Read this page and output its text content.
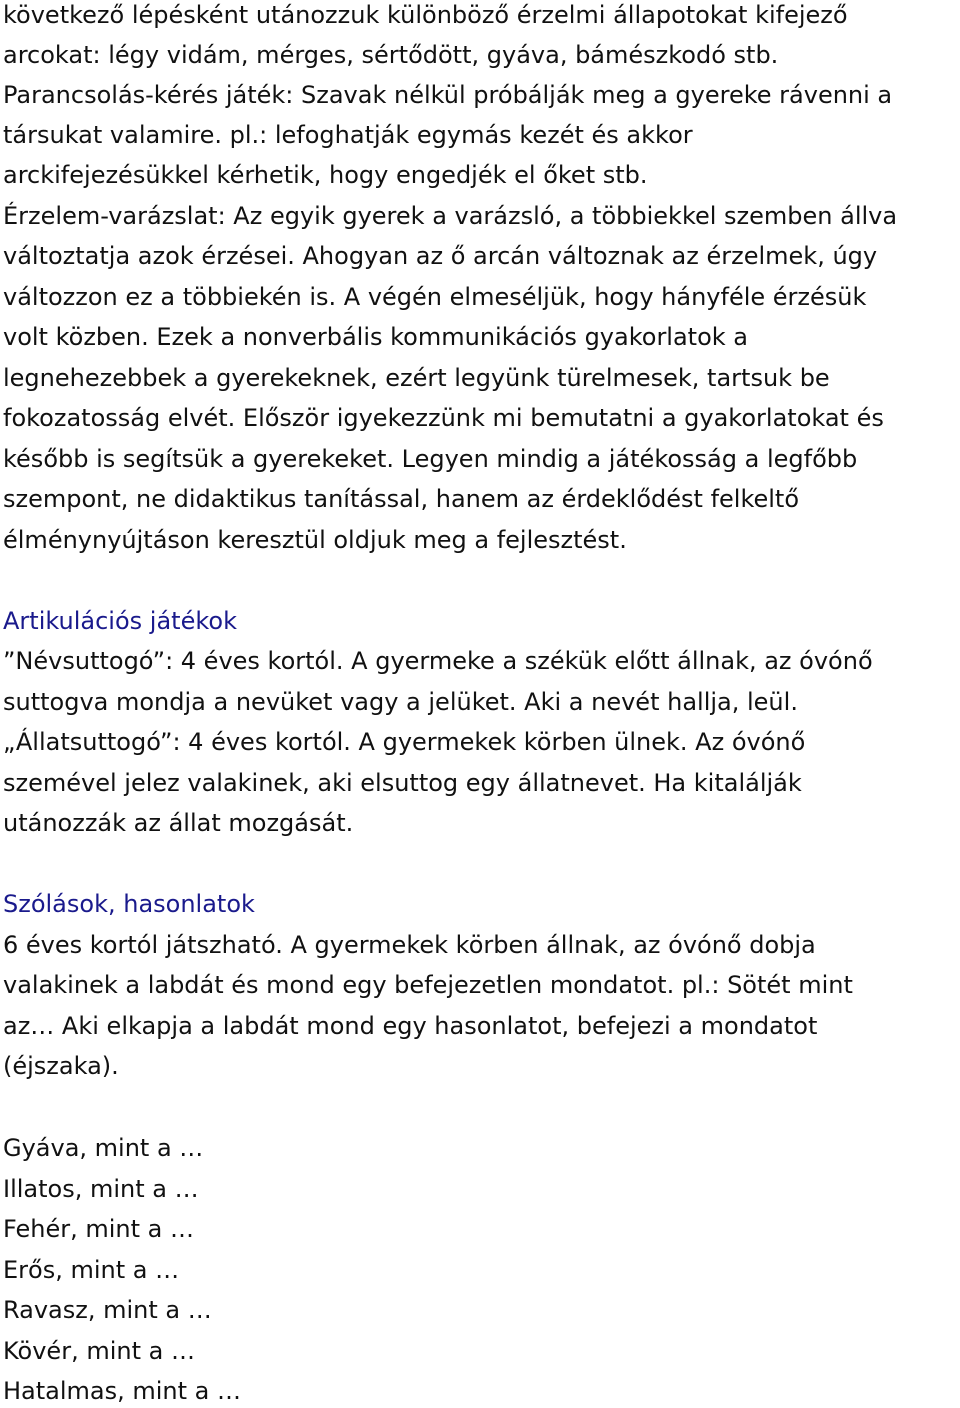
következő lépésként utánozzuk különböző érzelmi állapotokat kifejező
arcokat: légy vidám, mérges, sértődött, gyáva, bámészkodó stb.
Parancsolás-kérés játék: Szavak nélkül próbálják meg a gyereke rávenni a
társukat valamire. pl.: lefoghatják egymás kezét és akkor
arckifejezésükkel kérhetik, hogy engedjék el őket stb.
Érzelem-varázslat: Az egyik gyerek a varázsló, a többiekkel szemben állva
változtatja azok érzései. Ahogyan az ő arcán változnak az érzelmek, úgy
változzon ez a többiekén is. A végén elmeséljük, hogy hányféle érzésük
volt közben. Ezek a nonverbális kommunikációs gyakorlatok a
legnehezebbek a gyerekeknek, ezért legyünk türelmesek, tartsuk be
fokozatosság elvét. Először igyekezzünk mi bemutatni a gyakorlatokat és
később is segítsük a gyerekeket. Legyen mindig a játékosság a legfőbb
szempont, ne didaktikus tanítással, hanem az érdeklődést felkeltő
élménynyújtáson keresztül oldjuk meg a fejlesztést.
Artikulációs játékok
”Névsuttogó”: 4 éves kortól. A gyermeke a székük előtt állnak, az óvónő
suttogva mondja a nevüket vagy a jelüket. Aki a nevét hallja, leül.
„Állatsuttogó”: 4 éves kortól. A gyermekek körben ülnek. Az óvónő
szemével jelez valakinek, aki elsuttog egy állatnevet. Ha kitalálják
utánozzák az állat mozgását.
Szólások, hasonlatok
6 éves kortól játszható. A gyermekek körben állnak, az óvónő dobja
valakinek a labdát és mond egy befejezetlen mondatot. pl.: Sötét mint
az… Aki elkapja a labdát mond egy hasonlatot, befejezi a mondatot
(éjszaka).
Gyáva, mint a …
Illatos, mint a …
Fehér, mint a …
Erős, mint a …
Ravasz, mint a …
Kövér, mint a …
Hatalmas, mint a …
